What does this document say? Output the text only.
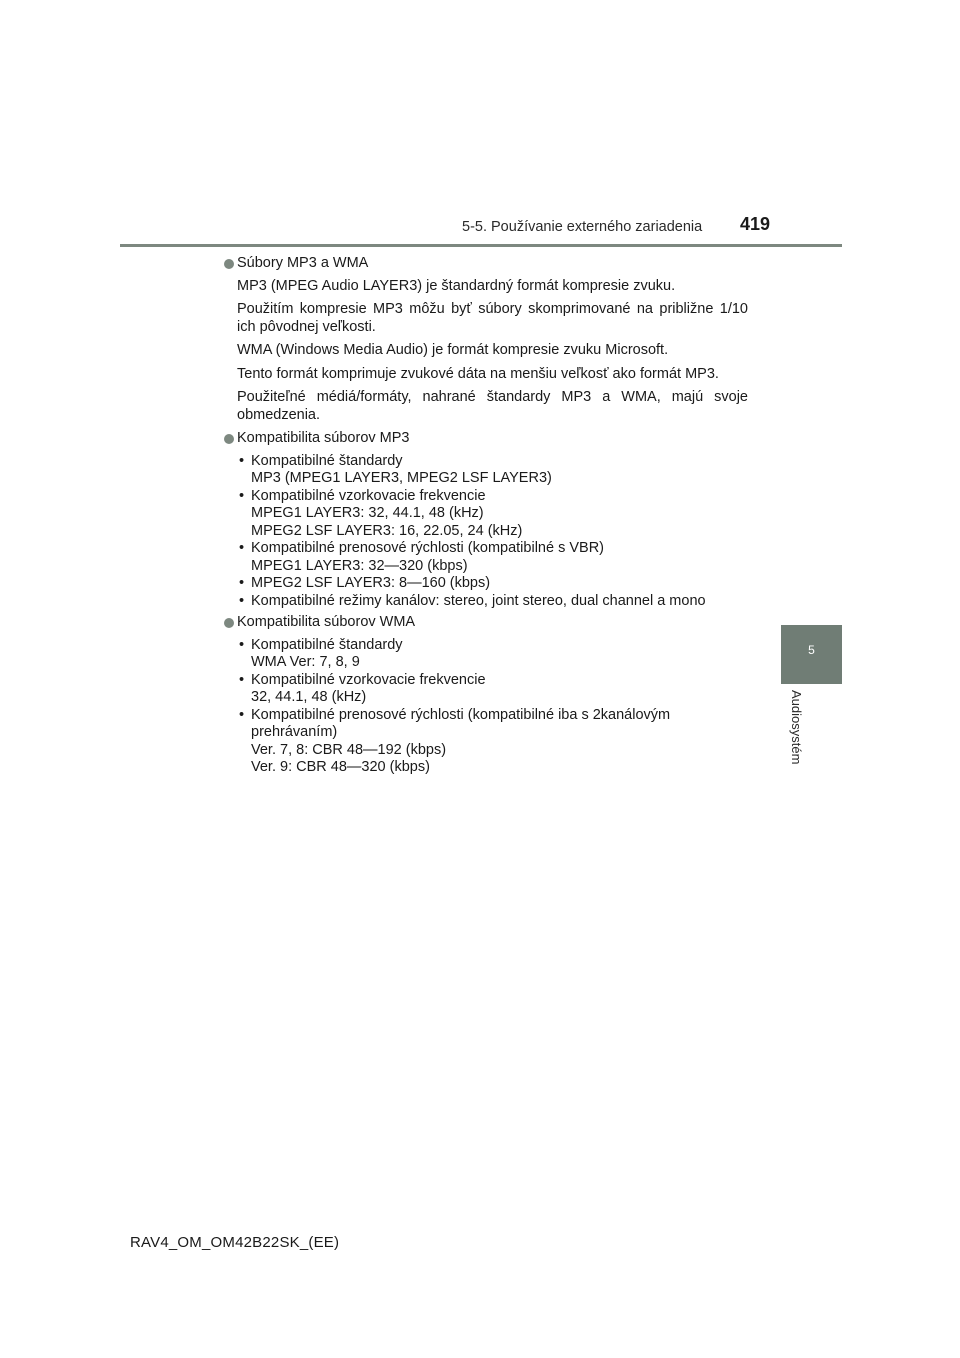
5-5. Používanie externého zariadenia 419
5
Audiosystém
Súbory MP3 a WMA

MP3 (MPEG Audio LAYER3) je štandardný formát kompresie zvuku.

Použitím kompresie MP3 môžu byť súbory skomprimované na približne 1/10 ich pôvodnej veľkosti.

WMA (Windows Media Audio) je formát kompresie zvuku Microsoft.

Tento formát komprimuje zvukové dáta na menšiu veľkosť ako formát MP3.

Použiteľné médiá/formáty, nahrané štandardy MP3 a WMA, majú svoje obmedzenia.

Kompatibilita súborov MP3
• Kompatibilné štandardy
MP3 (MPEG1 LAYER3, MPEG2 LSF LAYER3)
• Kompatibilné vzorkovacie frekvencie
MPEG1 LAYER3: 32, 44.1, 48 (kHz)
MPEG2 LSF LAYER3: 16, 22.05, 24 (kHz)
• Kompatibilné prenosové rýchlosti (kompatibilné s VBR)
MPEG1 LAYER3: 32—320 (kbps)
• MPEG2 LSF LAYER3: 8—160 (kbps)
• Kompatibilné režimy kanálov: stereo, joint stereo, dual channel a mono
Kompatibilita súborov WMA
• Kompatibilné štandardy
WMA Ver: 7, 8, 9
• Kompatibilné vzorkovacie frekvencie
32, 44.1, 48 (kHz)
• Kompatibilné prenosové rýchlosti (kompatibilné iba s 2kanálovým prehrávaním)
Ver. 7, 8: CBR 48—192 (kbps)
Ver. 9: CBR 48—320 (kbps)
RAV4_OM_OM42B22SK_(EE)
